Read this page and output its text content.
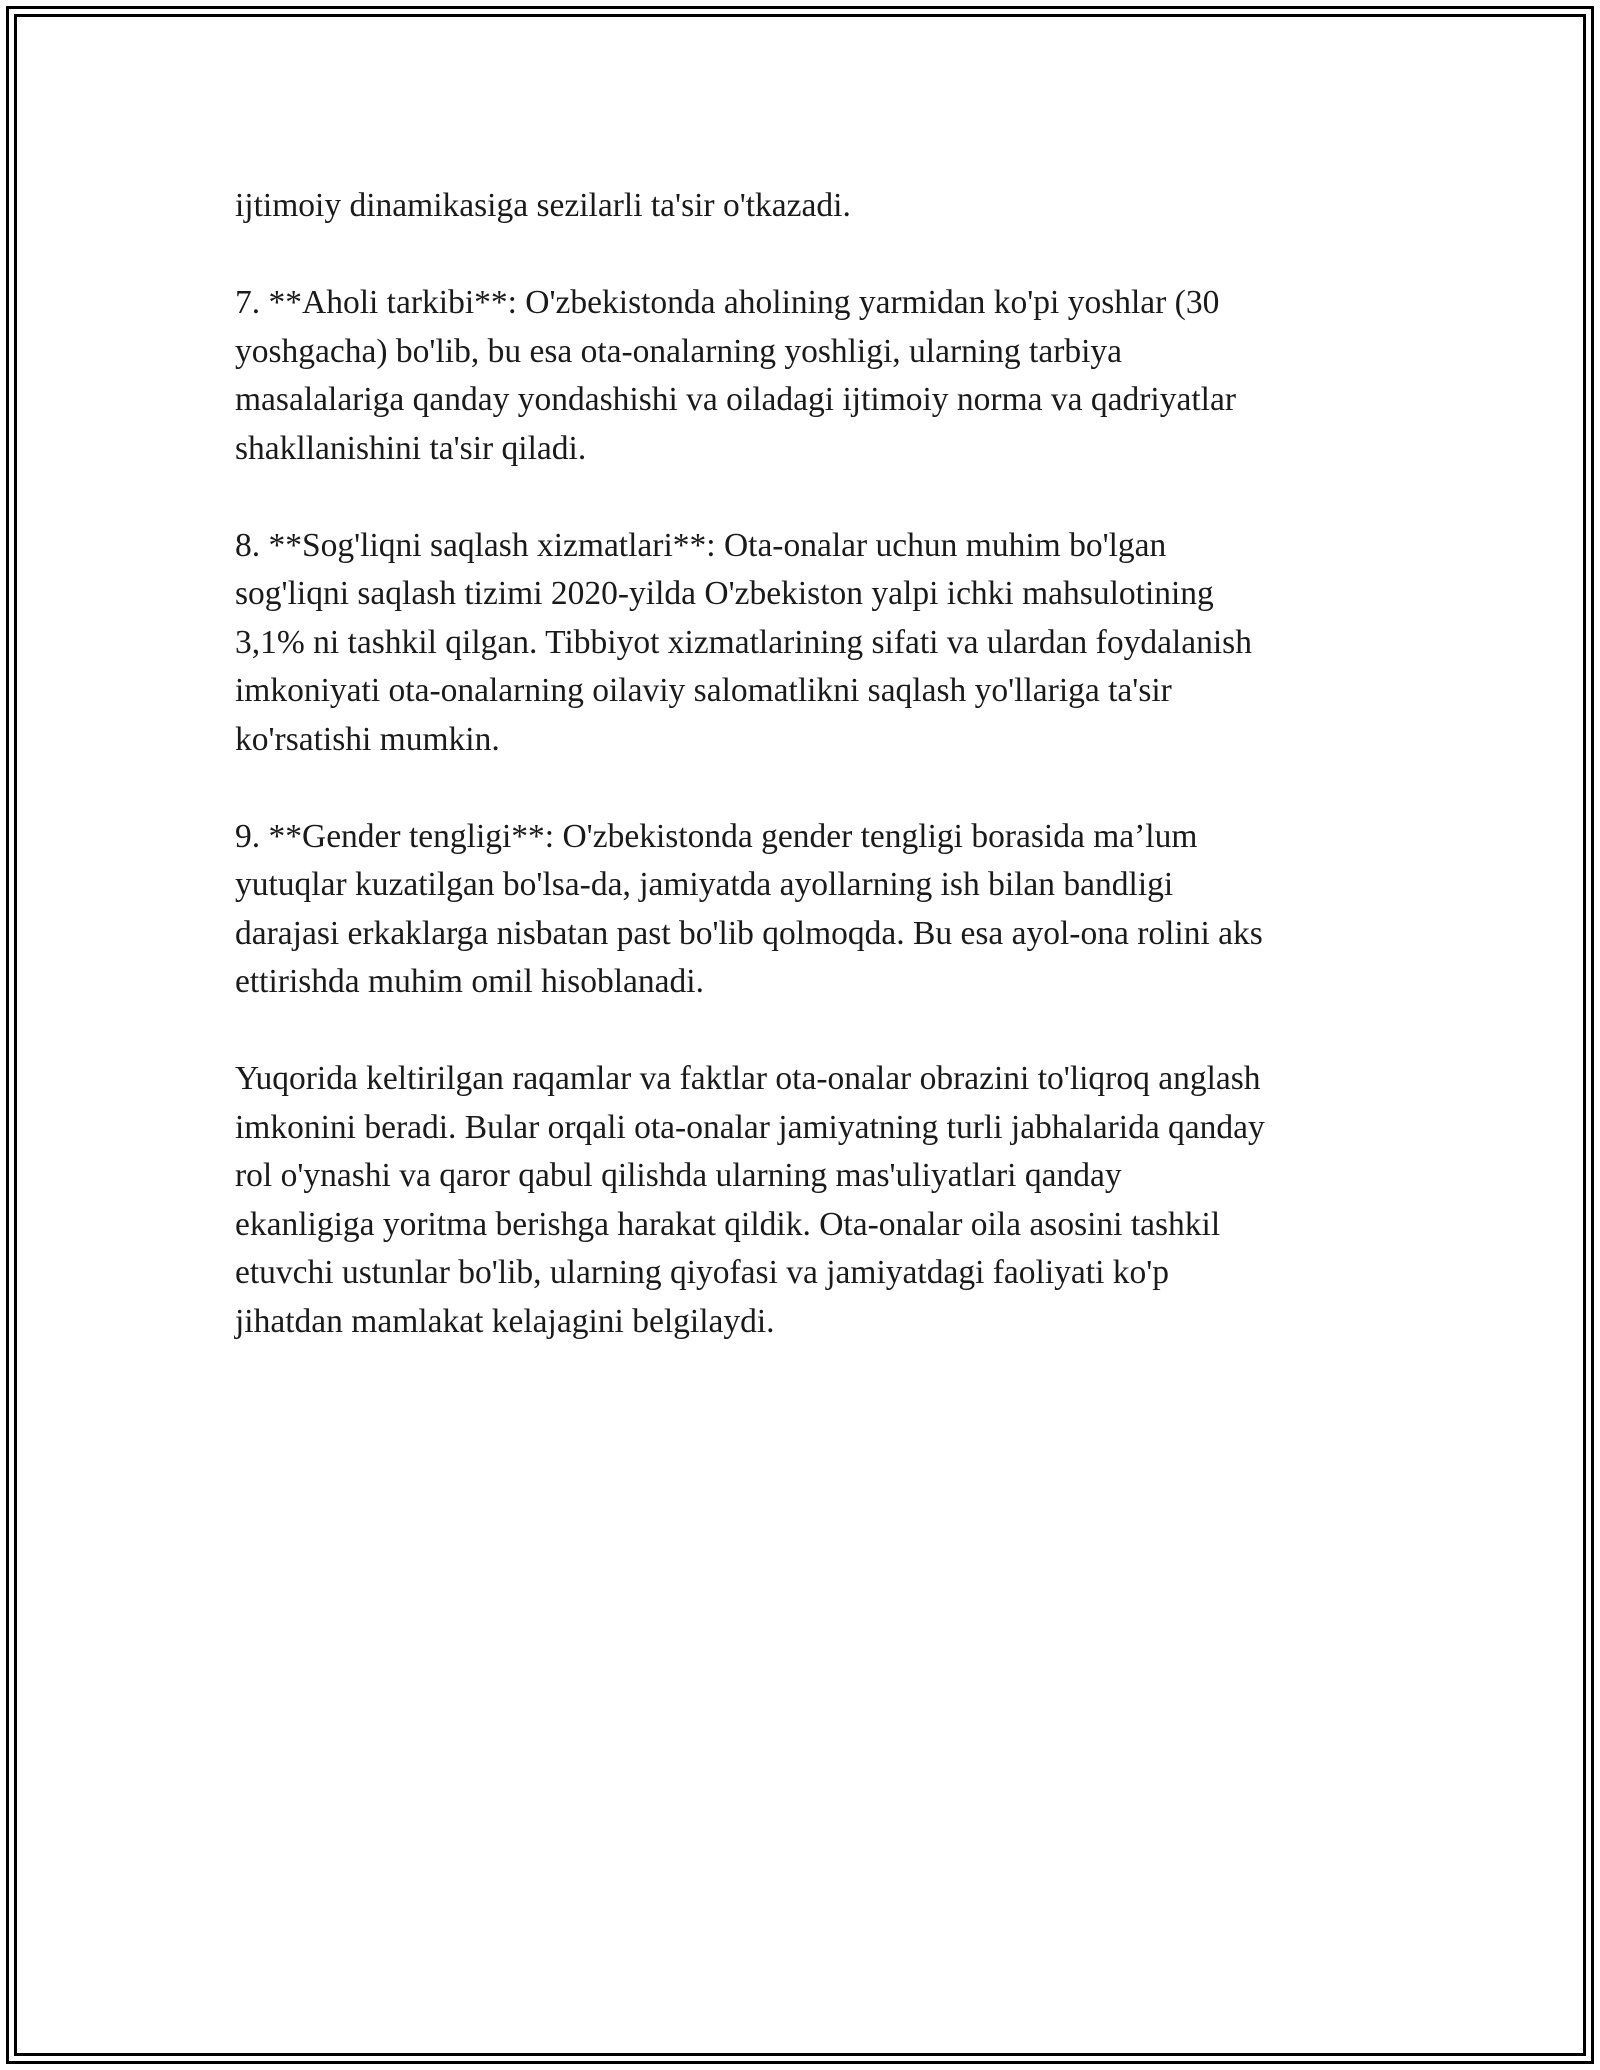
ijtimoiy dinamikasiga sezilarli ta'sir o'tkazadi.

7. **Aholi tarkibi**: O'zbekistonda aholining yarmidan ko'pi yoshlar (30
yoshgacha) bo'lib, bu esa ota-onalarning yoshligi, ularning tarbiya
masalalariga qanday yondashishi va oiladagi ijtimoiy norma va qadriyatlar
shakllanishini ta'sir qiladi.

8. **Sog'liqni saqlash xizmatlari**: Ota-onalar uchun muhim bo'lgan
sog'liqni saqlash tizimi 2020-yilda O'zbekiston yalpi ichki mahsulotining
3,1% ni tashkil qilgan. Tibbiyot xizmatlarining sifati va ulardan foydalanish
imkoniyati ota-onalarning oilaviy salomatlikni saqlash yo'llariga ta'sir
ko'rsatishi mumkin.

9. **Gender tengligi**: O'zbekistonda gender tengligi borasida ma’lum
yutuqlar kuzatilgan bo'lsa-da, jamiyatda ayollarning ish bilan bandligi
darajasi erkaklarga nisbatan past bo'lib qolmoqda. Bu esa ayol-ona rolini aks
ettirishda muhim omil hisoblanadi.

Yuqorida keltirilgan raqamlar va faktlar ota-onalar obrazini to'liqroq anglash
imkonini beradi. Bular orqali ota-onalar jamiyatning turli jabhalarida qanday
rol o'ynashi va qaror qabul qilishda ularning mas'uliyatlari qanday
ekanligiga yoritma berishga harakat qildik. Ota-onalar oila asosini tashkil
etuvchi ustunlar bo'lib, ularning qiyofasi va jamiyatdagi faoliyati ko'p
jihatdan mamlakat kelajagini belgilaydi.
